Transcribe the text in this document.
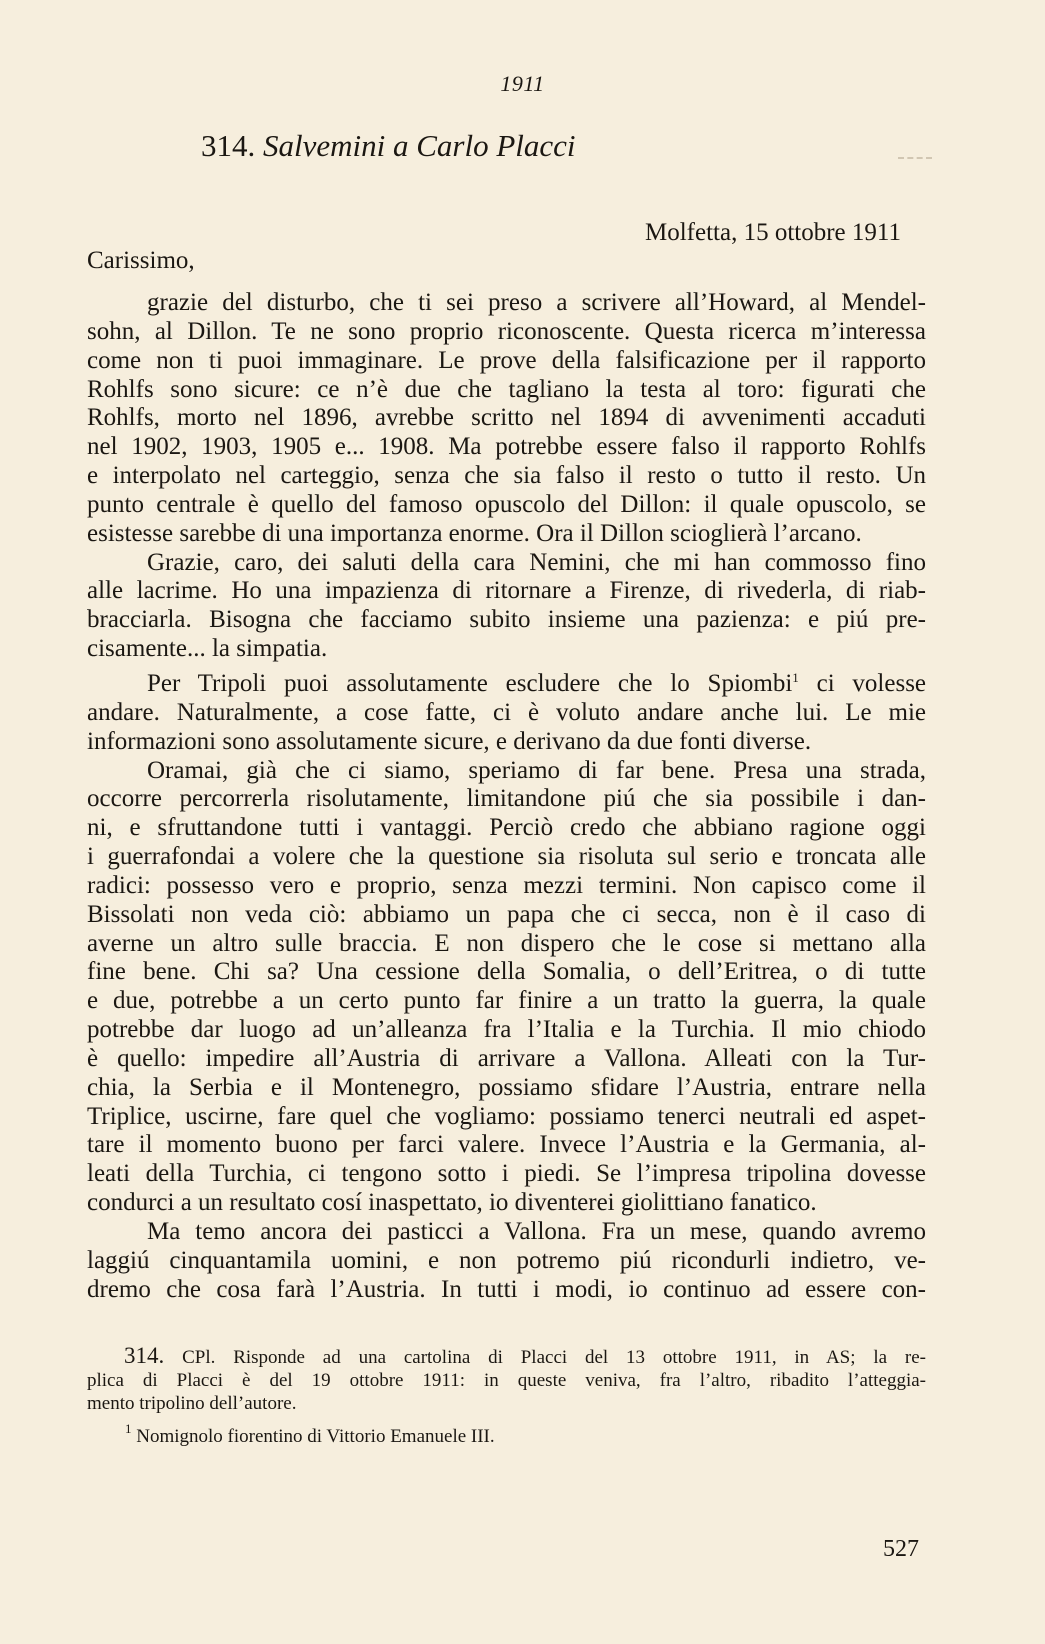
1911
314. Salvemini a Carlo Placci
Molfetta, 15 ottobre 1911
Carissimo,

grazie del disturbo, che ti sei preso a scrivere all’Howard, al Mendel-
sohn, al Dillon. Te ne sono proprio riconoscente. Questa ricerca m’interessa
come non ti puoi immaginare. Le prove della falsificazione per il rapporto
Rohlfs sono sicure: ce n’è due che tagliano la testa al toro: figurati che
Rohlfs, morto nel 1896, avrebbe scritto nel 1894 di avvenimenti accaduti
nel 1902, 1903, 1905 e... 1908. Ma potrebbe essere falso il rapporto Rohlfs
e interpolato nel carteggio, senza che sia falso il resto o tutto il resto. Un
punto centrale è quello del famoso opuscolo del Dillon: il quale opuscolo, se
esistesse sarebbe di una importanza enorme. Ora il Dillon scioglierà l’arcano.

Grazie, caro, dei saluti della cara Nemini, che mi han commosso fino
alle lacrime. Ho una impazienza di ritornare a Firenze, di rivederla, di riab-
bracciarla. Bisogna che facciamo subito insieme una pazienza: e piú pre-
cisamente... la simpatia.

Per Tripoli puoi assolutamente escludere che lo Spiombi$^1$ ci volesse
andare. Naturalmente, a cose fatte, ci è voluto andare anche lui. Le mie
informazioni sono assolutamente sicure, e derivano da due fonti diverse.

Oramai, già che ci siamo, speriamo di far bene. Presa una strada,
occorre percorrerla risolutamente, limitandone piú che sia possibile i dan-
ni, e sfruttandone tutti i vantaggi. Perciò credo che abbiano ragione oggi
i guerrafondai a volere che la questione sia risoluta sul serio e troncata alle
radici: possesso vero e proprio, senza mezzi termini. Non capisco come il
Bissolati non veda ciò: abbiamo un papa che ci secca, non è il caso di
averne un altro sulle braccia. E non dispero che le cose si mettano alla
fine bene. Chi sa? Una cessione della Somalia, o dell’Eritrea, o di tutte
e due, potrebbe a un certo punto far finire a un tratto la guerra, la quale
potrebbe dar luogo ad un’alleanza fra l’Italia e la Turchia. Il mio chiodo
è quello: impedire all’Austria di arrivare a Vallona. Alleati con la Tur-
chia, la Serbia e il Montenegro, possiamo sfidare l’Austria, entrare nella
Triplice, uscirne, fare quel che vogliamo: possiamo tenerci neutrali ed aspet-
tare il momento buono per farci valere. Invece l’Austria e la Germania, al-
leati della Turchia, ci tengono sotto i piedi. Se l’impresa tripolina dovesse
condurci a un resultato cosí inaspettato, io diventerei giolittiano fanatico.

Ma temo ancora dei pasticci a Vallona. Fra un mese, quando avremo
laggiú cinquantamila uomini, e non potremo piú ricondurli indietro, ve-
dremo che cosa farà l’Austria. In tutti i modi, io continuo ad essere con-

314. CPl. Risponde ad una cartolina di Placci del 13 ottobre 1911, in AS; la re-
plica di Placci è del 19 ottobre 1911: in queste veniva, fra l’altro, ribadito l’atteggia-
mento tripolino dell’autore.
$^1$ Nomignolo fiorentino di Vittorio Emanuele III.
527
